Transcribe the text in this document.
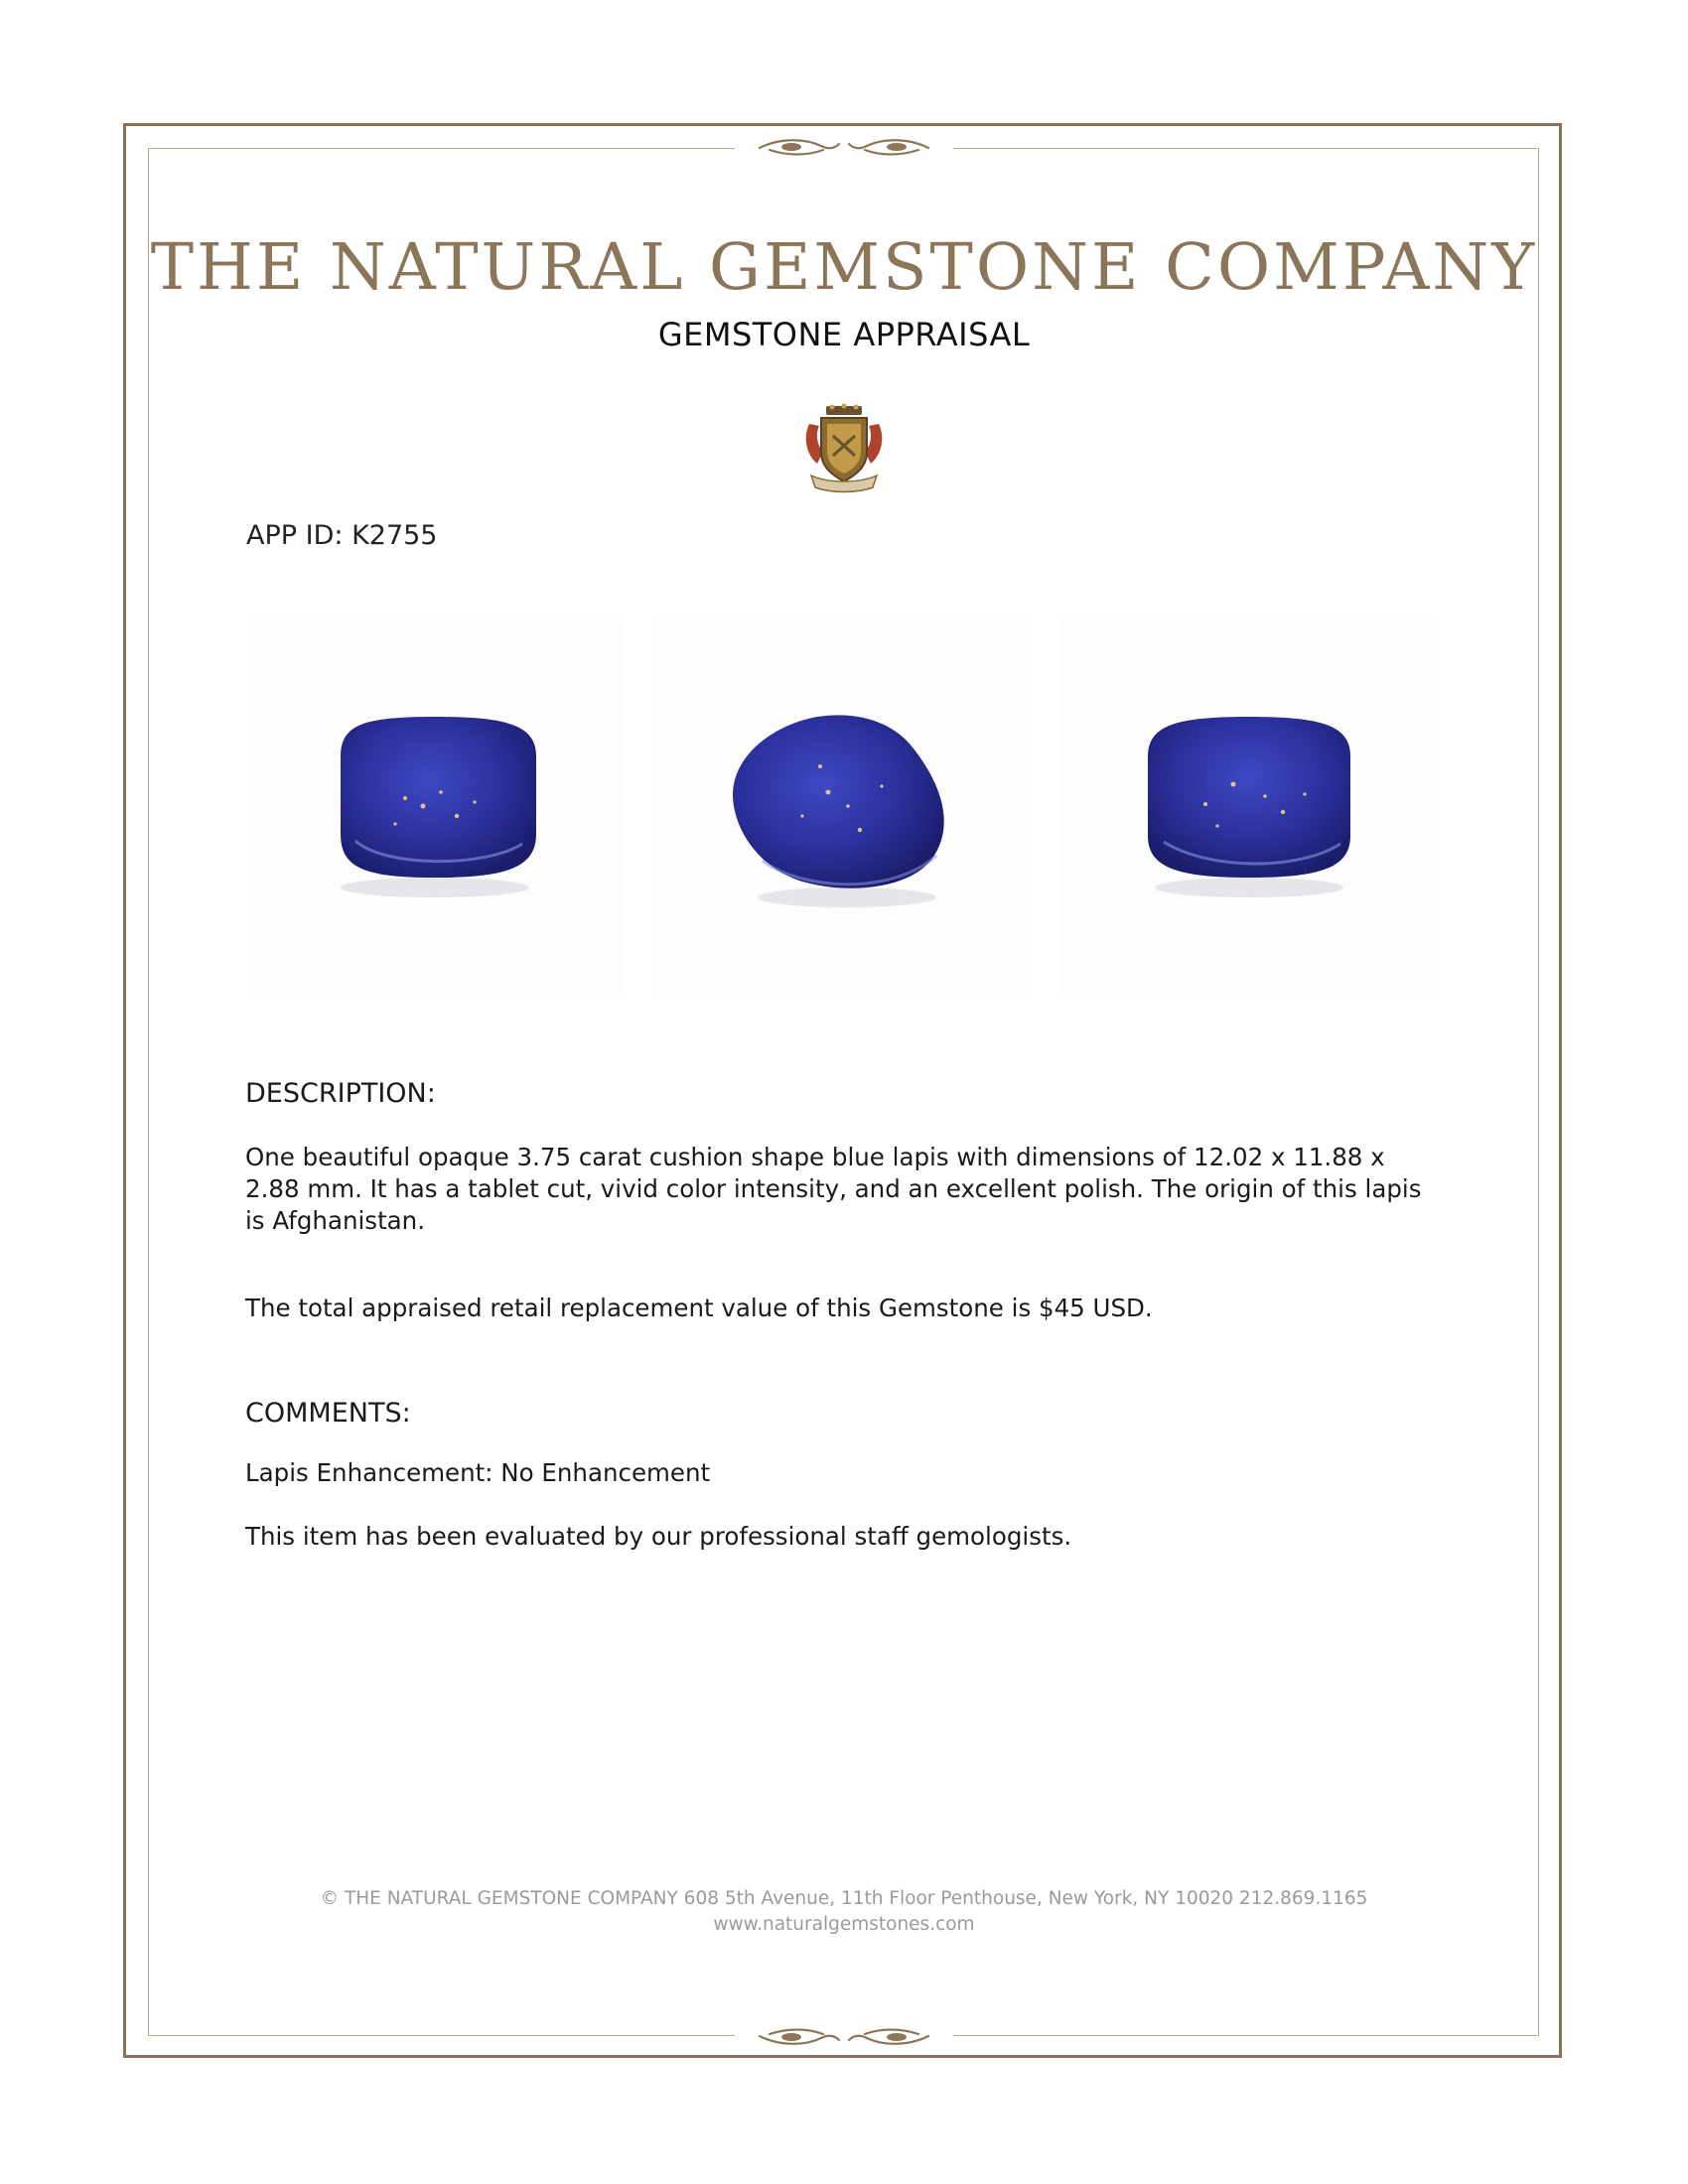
THE NATURAL GEMSTONE COMPANY
GEMSTONE APPRAISAL
APP ID: K2755
DESCRIPTION:
One beautiful opaque 3.75 carat cushion shape blue lapis with dimensions of 12.02 x 11.88 x 2.88 mm. It has a tablet cut, vivid color intensity, and an excellent polish. The origin of this lapis is Afghanistan.
The total appraised retail replacement value of this Gemstone is $45 USD.
COMMENTS:
Lapis Enhancement: No Enhancement
This item has been evaluated by our professional staff gemologists.
© THE NATURAL GEMSTONE COMPANY 608 5th Avenue, 11th Floor Penthouse, New York, NY 10020 212.869.1165
www.naturalgemstones.com
